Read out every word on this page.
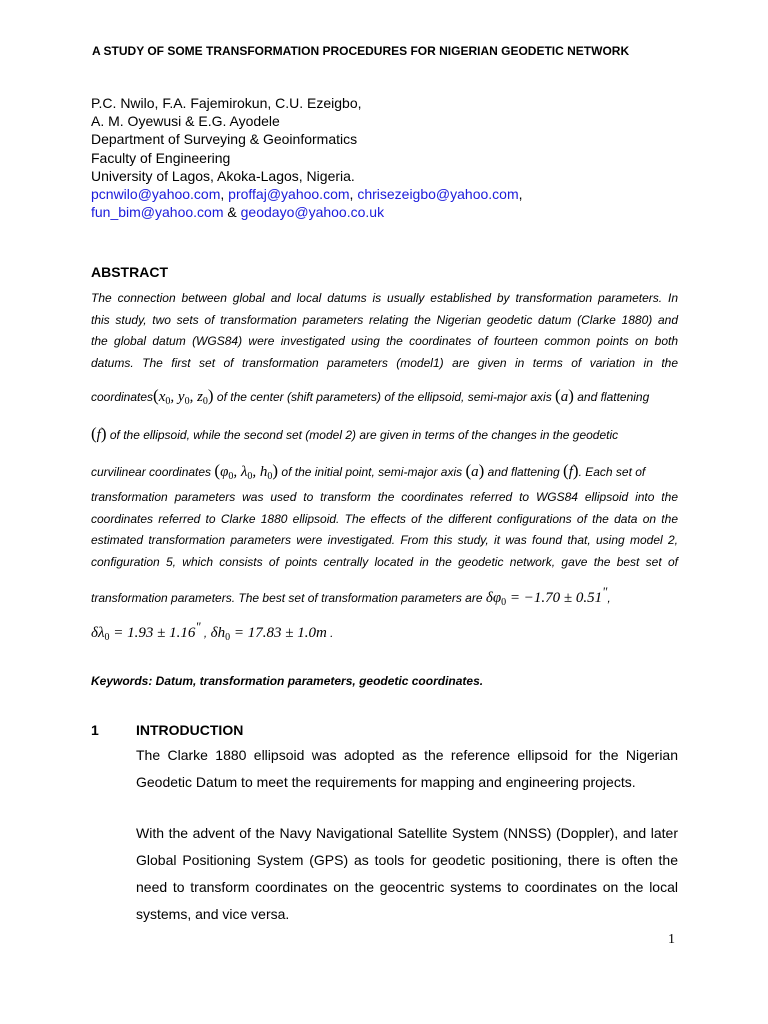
A STUDY OF SOME TRANSFORMATION PROCEDURES FOR NIGERIAN GEODETIC NETWORK
P.C. Nwilo, F.A. Fajemirokun, C.U. Ezeigbo,
A. M. Oyewusi & E.G. Ayodele
Department of Surveying & Geoinformatics
Faculty of Engineering
University of Lagos, Akoka-Lagos, Nigeria.
pcnwilo@yahoo.com, proffaj@yahoo.com, chrisezeigbo@yahoo.com,
fun_bim@yahoo.com & geodayo@yahoo.co.uk
ABSTRACT
The connection between global and local datums is usually established by transformation parameters. In
this study, two sets of transformation parameters relating the Nigerian geodetic datum (Clarke 1880) and
the global datum (WGS84) were investigated using the coordinates of fourteen common points on both
datums. The first set of transformation parameters (model1) are given in terms of variation in the
$coordinates(x_0$, $y_0$, $z_0$) of the center (shift parameters) of the ellipsoid, semi-major axis (a) and flattening
(f) of the ellipsoid, while the second set (model 2) are given in terms of the changes in the geodetic
curvilinear coordinates ($\varphi_0$, $\lambda_0$, $h_0$) of the initial point, semi-major axis (a) and flattening (f). Each set of
transformation parameters was used to transform the coordinates referred to WGS84 ellipsoid into the
coordinates referred to Clarke 1880 ellipsoid. The effects of the different configurations of the data on the
estimated transformation parameters were investigated. From this study, it was found that, using model 2,
configuration 5, which consists of points centrally located in the geodetic network, gave the best set of
transformation parameters. The best set of transformation parameters are $\delta\varphi_0 = -1.70 \pm 0.51^"$,
$\delta\lambda_0 = 1.93 \pm 1.16^"$ , $\delta h_0 = 17.83 \pm 1.0m$ .
Keywords: Datum, transformation parameters, geodetic coordinates.
1	INTRODUCTION
The Clarke 1880 ellipsoid was adopted as the reference ellipsoid for the Nigerian Geodetic Datum to meet the requirements for mapping and engineering projects.
With the advent of the Navy Navigational Satellite System (NNSS) (Doppler), and later Global Positioning System (GPS) as tools for geodetic positioning, there is often the need to transform coordinates on the geocentric systems to coordinates on the local systems, and vice versa.
1
